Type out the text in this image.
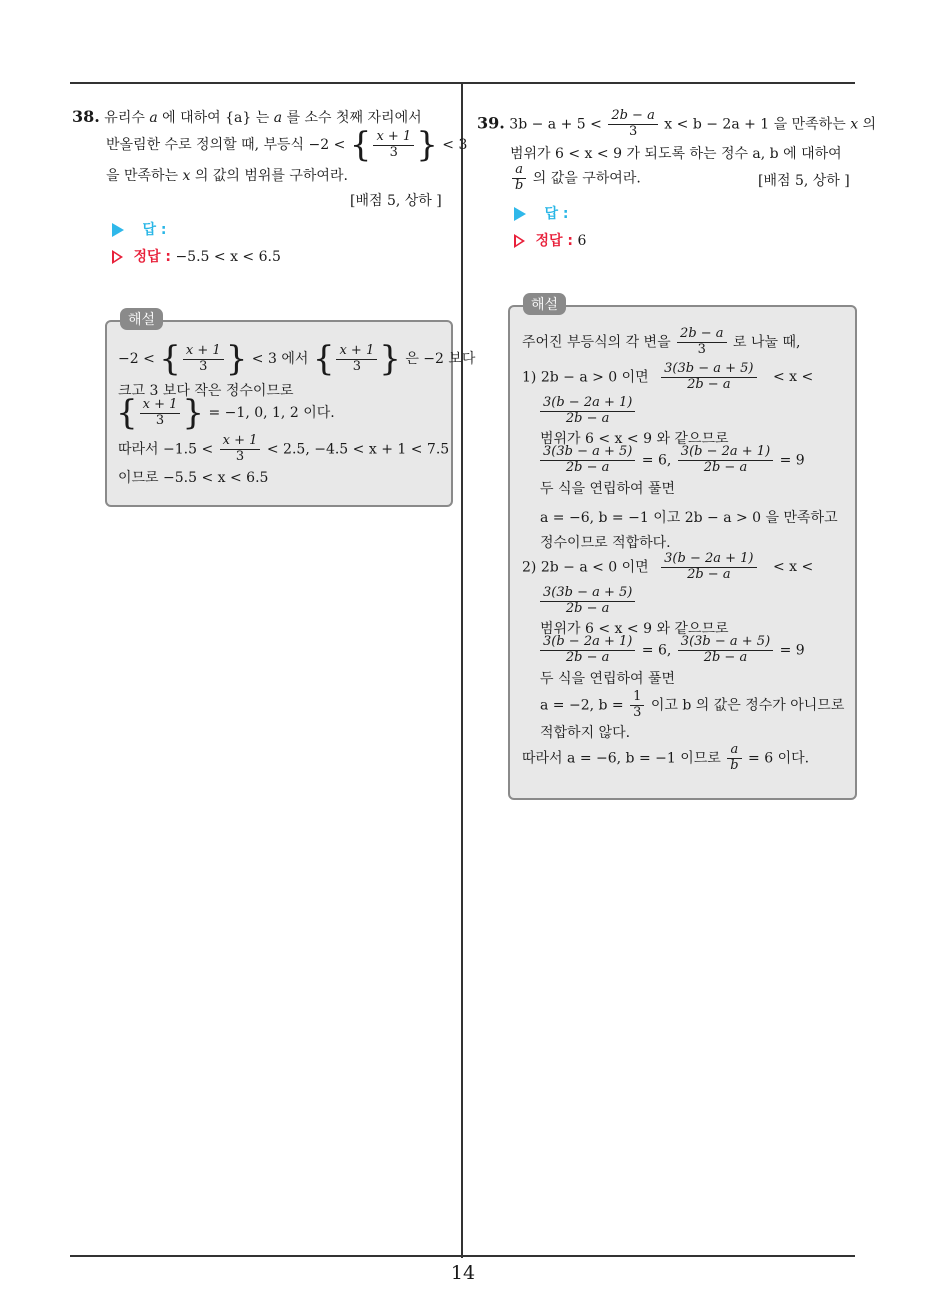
38. 유리수 a 에 대하여 {a} 는 a 를 소수 첫째 자리에서
반올림한 수로 정의할 때, 부등식 −2 < { $\frac{x + 1}{3}$ } < 3
을 만족하는 x 의 값의 범위를 구하여라.
[배점 5, 상하 ]
답 :
정답 : −5.5 < x < 6.5
해설
−2 < { $\frac{x + 1}{3}$ } < 3 에서 { $\frac{x + 1}{3}$ } 은 −2 보다
크고 3 보다 작은 정수이므로
{ $\frac{x + 1}{3}$ } = −1, 0, 1, 2 이다.
따라서 $-1.5 < \frac{x + 1}{3} < 2.5$, −4.5 < x + 1 < 7.5
이므로 −5.5 < x < 6.5
39. $3b - a + 5 < \frac{2b - a}{3}$ x < b − 2a + 1 을 만족하는 x 의
범위가 6 < x < 9 가 되도록 하는 정수 a, b 에 대하여
$\frac{a}{b}$ 의 값을 구하여라.	[배점 5, 상하 ]
답 :
정답 : 6
해설
주어진 부등식의 각 변을 $\frac{2b - a}{3}$ 로 나눌 때,
1) 2b − a > 0 이면 $\frac{3(3b - a + 5)}{2b - a} < x$ <
$\frac{3(b - 2a + 1)}{2b - a}$
범위가 6 < x < 9 와 같으므로
$\frac{3(3b - a + 5)}{2b - a} = 6$, $\frac{3(b - 2a + 1)}{2b - a} = 9$
두 식을 연립하여 풀면
a = −6, b = −1 이고 2b − a > 0 을 만족하고
정수이므로 적합하다.
2) 2b − a < 0 이면 $\frac{3(b - 2a + 1)}{2b - a} < x$ <
$\frac{3(3b - a + 5)}{2b - a}$
범위가 6 < x < 9 와 같으므로
$\frac{3(b - 2a + 1)}{2b - a} = 6$, $\frac{3(3b - a + 5)}{2b - a} = 9$
두 식을 연립하여 풀면
a = −2, $b = \frac{1}{3}$ 이고 b 의 값은 정수가 아니므로
적합하지 않다.
따라서 a = −6, b = −1 이므로 $\frac{a}{b} = 6$ 이다.
14
